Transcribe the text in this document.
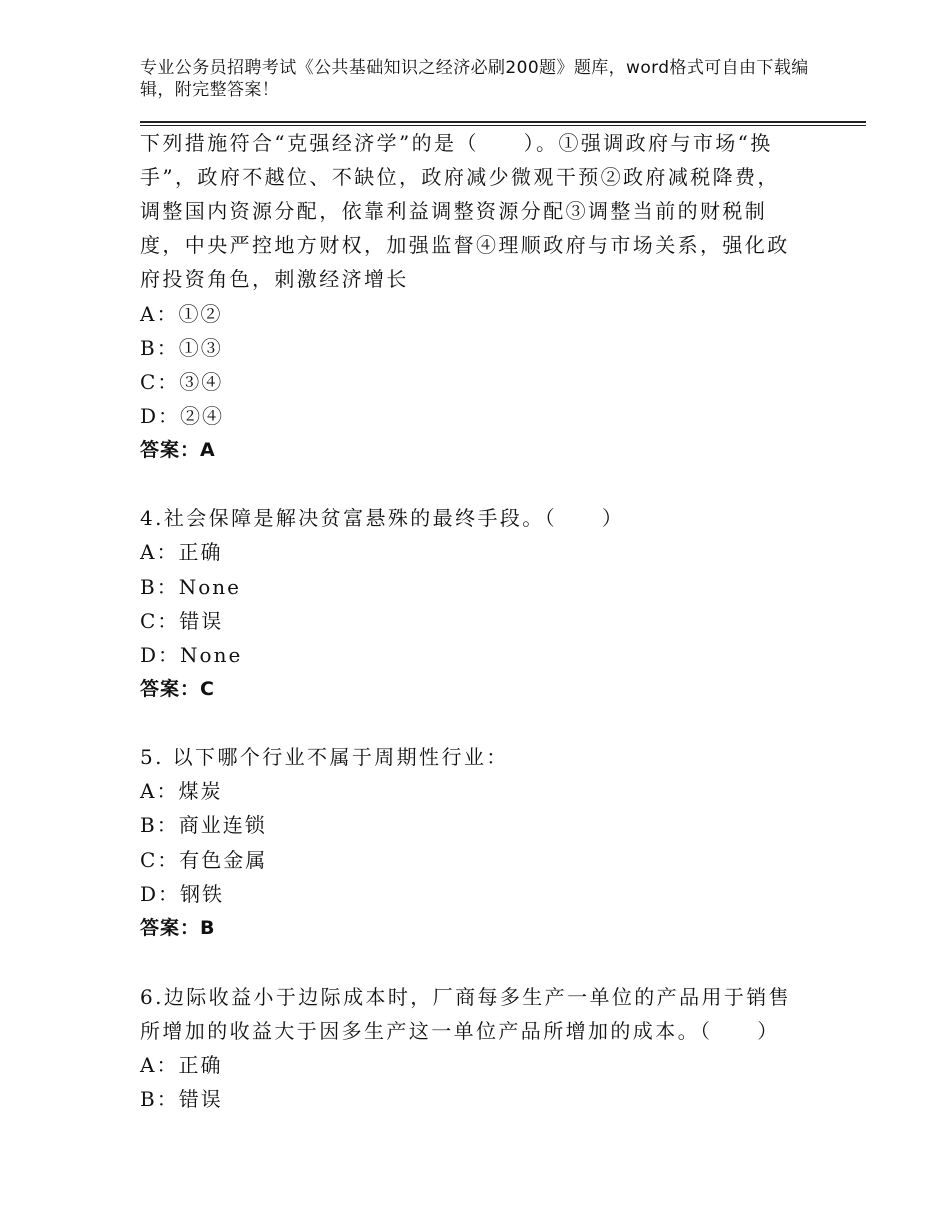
专业公务员招聘考试《公共基础知识之经济必刷200题》题库，word格式可自由下载编辑，附完整答案！
下列措施符合“克强经济学”的是（　　）。①强调政府与市场“换手”，政府不越位、不缺位，政府减少微观干预②政府减税降费，调整国内资源分配，依靠利益调整资源分配③调整当前的财税制度，中央严控地方财权，加强监督④理顺政府与市场关系，强化政府投资角色，刺激经济增长
A：①②
B：①③
C：③④
D：②④
答案：A
4.社会保障是解决贫富悬殊的最终手段。（　　）
A：正确
B：None
C：错误
D：None
答案：C
5. 以下哪个行业不属于周期性行业：
A：煤炭
B：商业连锁
C：有色金属
D：钢铁
答案：B
6.边际收益小于边际成本时，厂商每多生产一单位的产品用于销售所增加的收益大于因多生产这一单位产品所增加的成本。（　　）
A：正确
B：错误
